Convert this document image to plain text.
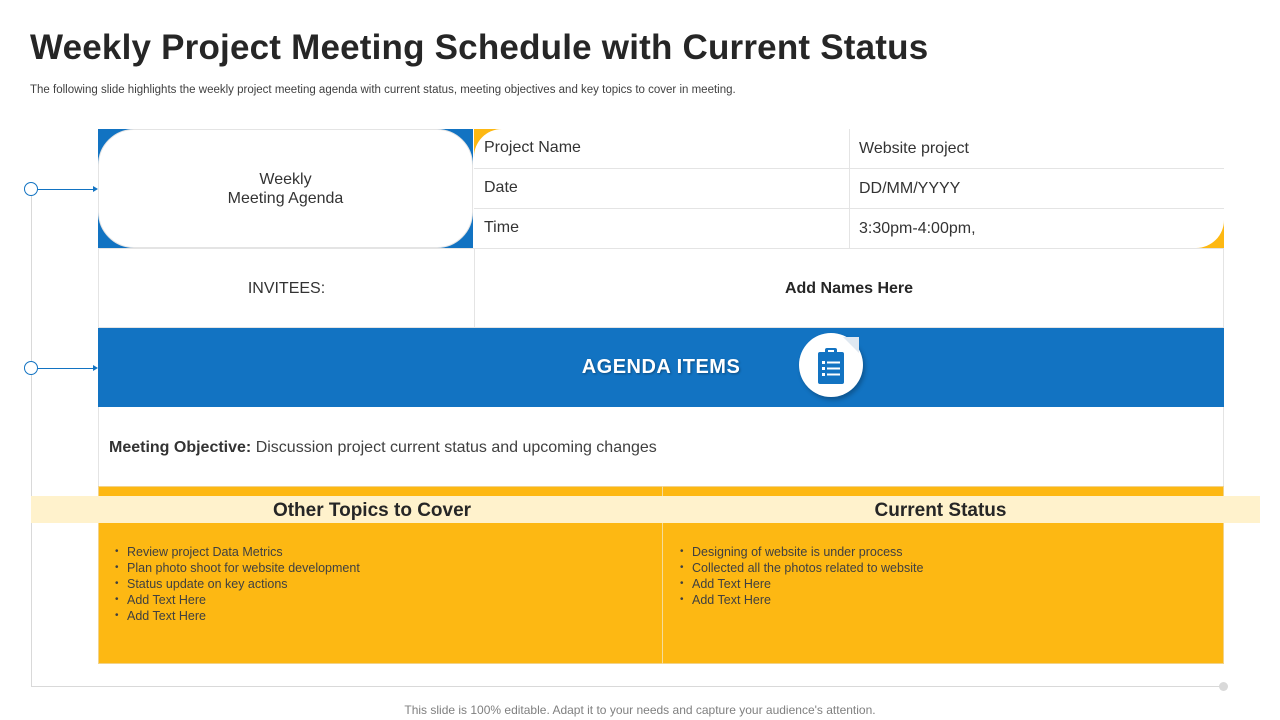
Weekly Project Meeting Schedule with Current Status
The following slide highlights the weekly project meeting agenda with current status, meeting objectives and key topics to cover in meeting.
Weekly
Meeting Agenda
Project Name	Website project
Date	DD/MM/YYYY
Time	3:30pm-4:00pm,
INVITEES:	Add Names Here
AGENDA ITEMS
Meeting Objective: Discussion project current status and upcoming changes
Other Topics to Cover	Current Status
• Review project Data Metrics
• Plan photo shoot for website development
• Status update on key actions
• Add Text Here
• Add Text Here
• Designing of website is under process
• Collected all the photos related to website
• Add Text Here
• Add Text Here
This slide is 100% editable. Adapt it to your needs and capture your audience's attention.
